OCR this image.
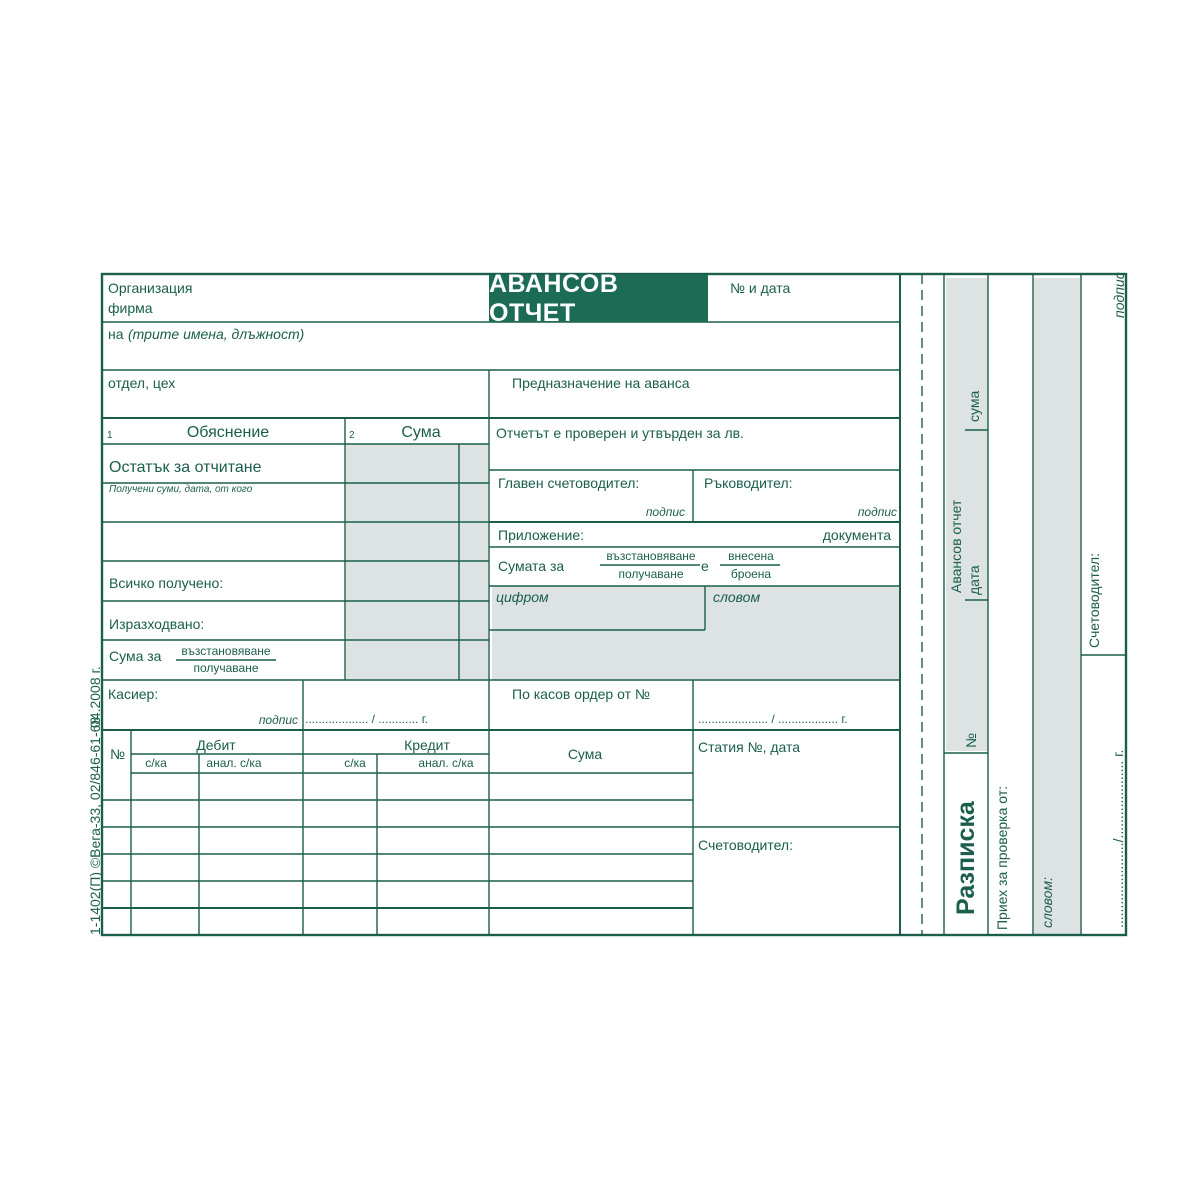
АВАНСОВ ОТЧЕТ
Организация
фирма
№ и дата
на (трите имена, длъжност)
отдел, цех	Предназначение на аванса
1	Обяснение	2	Сума
Остатък за отчитане
Получени суми, дата, от кого
Всичко получено:
Изразходвано:
Сума за възстановяване
получаване
Касиер:
подпис ................... / ............ г.
По касов ордер от №
..................... / .................. г.
Отчетът е проверен и утвърден за лв.
Главен счетоводител:
подпис
Ръководител:
подпис
Приложение:	документа
Сумата за
възстановяване
получаване е
внесена
броена
цифром	словом
№
Дебит	Кредит
с/ка	анал. с/ка	с/ка	анал. с/ка
Сума	Статия №, дата
Счетоводител:
1-1402(П) ©Вега-33, 02/846-61-68
04.2008 г.
Авансов отчет
сума
дата
№
Разписка Приех за проверка от: словом:
Счетоводител:
подпис
....................../.................... г.
